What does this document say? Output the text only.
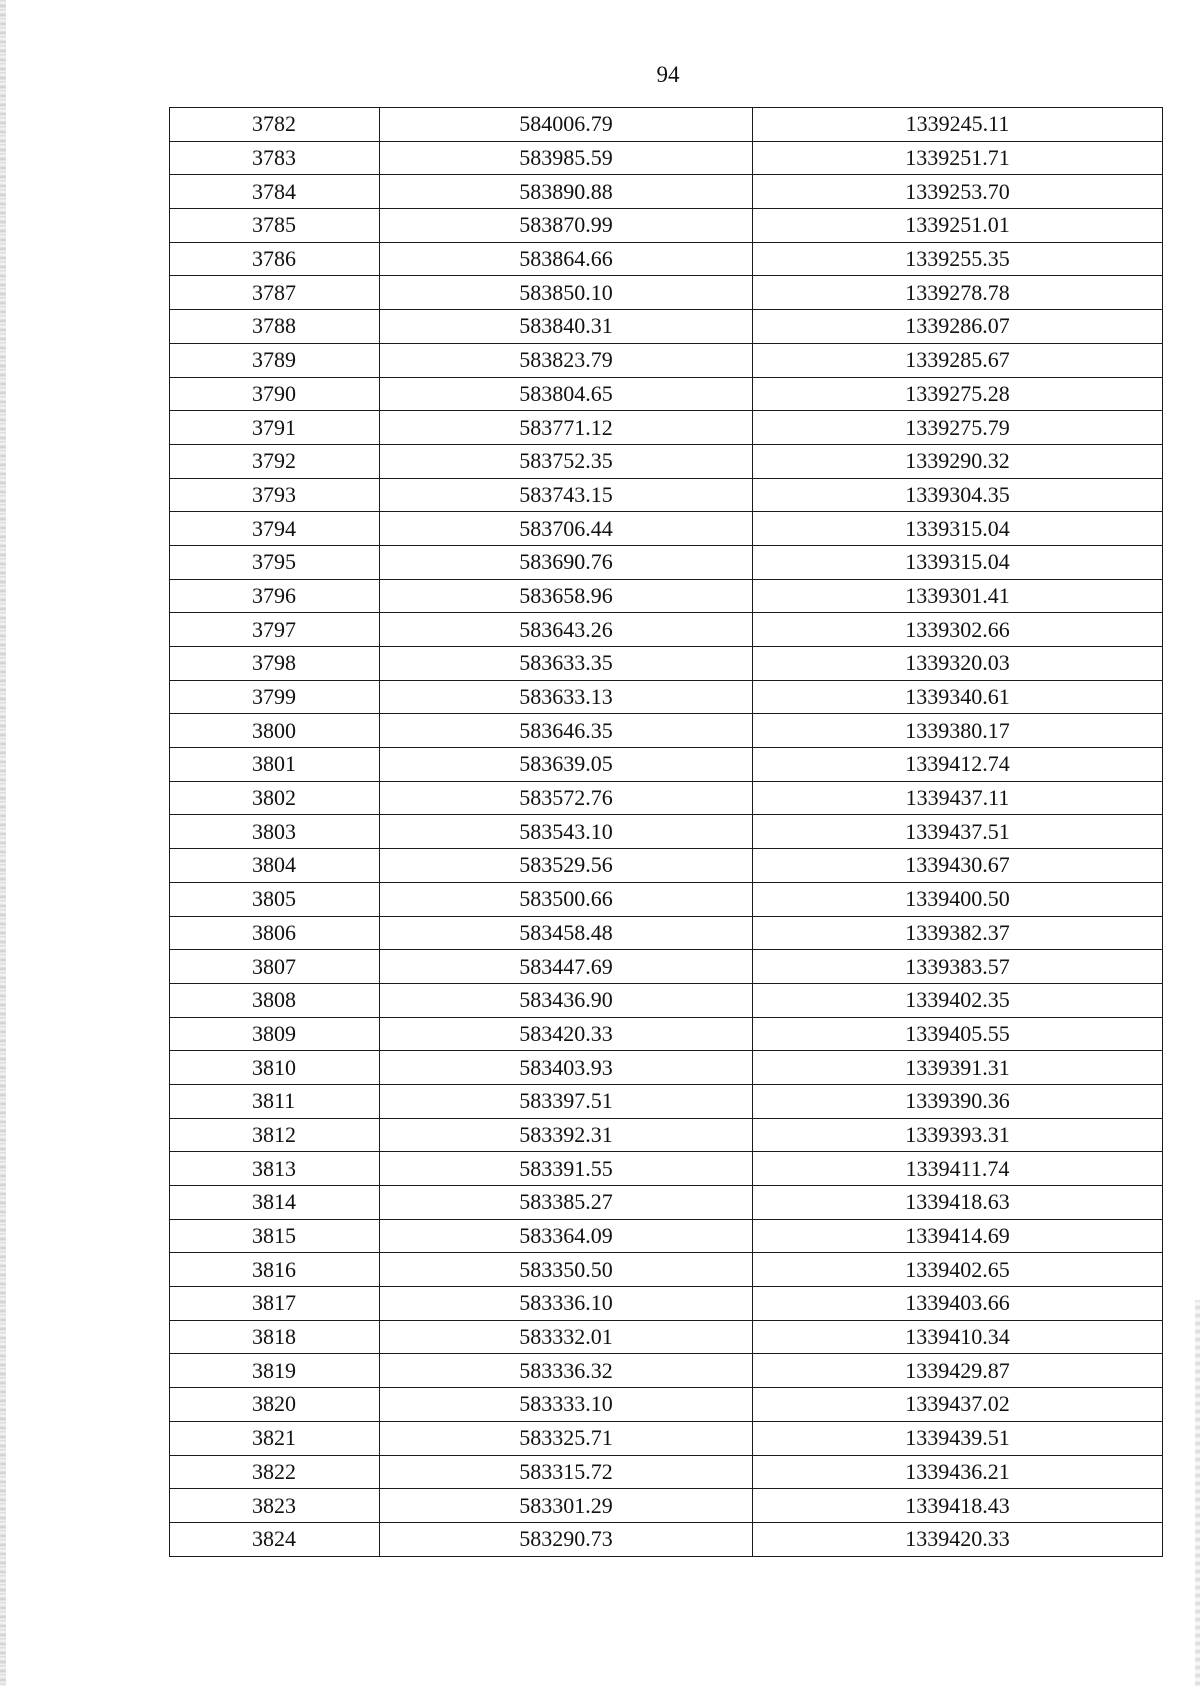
94
3782	584006.79	1339245.11
3783	583985.59	1339251.71
3784	583890.88	1339253.70
3785	583870.99	1339251.01
3786	583864.66	1339255.35
3787	583850.10	1339278.78
3788	583840.31	1339286.07
3789	583823.79	1339285.67
3790	583804.65	1339275.28
3791	583771.12	1339275.79
3792	583752.35	1339290.32
3793	583743.15	1339304.35
3794	583706.44	1339315.04
3795	583690.76	1339315.04
3796	583658.96	1339301.41
3797	583643.26	1339302.66
3798	583633.35	1339320.03
3799	583633.13	1339340.61
3800	583646.35	1339380.17
3801	583639.05	1339412.74
3802	583572.76	1339437.11
3803	583543.10	1339437.51
3804	583529.56	1339430.67
3805	583500.66	1339400.50
3806	583458.48	1339382.37
3807	583447.69	1339383.57
3808	583436.90	1339402.35
3809	583420.33	1339405.55
3810	583403.93	1339391.31
3811	583397.51	1339390.36
3812	583392.31	1339393.31
3813	583391.55	1339411.74
3814	583385.27	1339418.63
3815	583364.09	1339414.69
3816	583350.50	1339402.65
3817	583336.10	1339403.66
3818	583332.01	1339410.34
3819	583336.32	1339429.87
3820	583333.10	1339437.02
3821	583325.71	1339439.51
3822	583315.72	1339436.21
3823	583301.29	1339418.43
3824	583290.73	1339420.33
